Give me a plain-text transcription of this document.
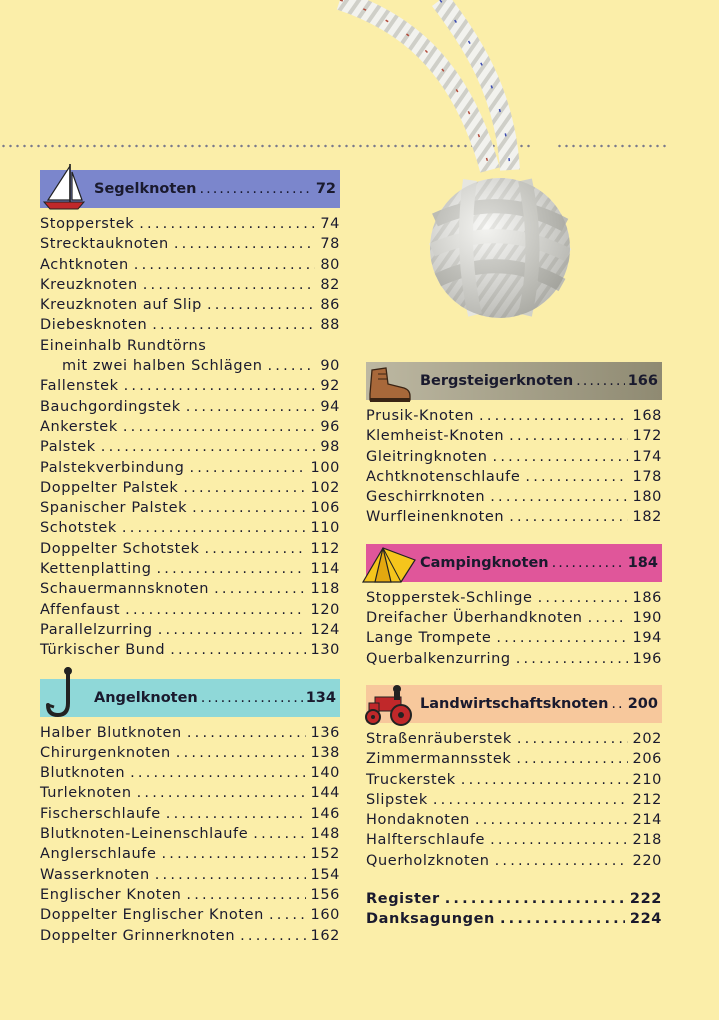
Segelknoten .....	72
Stopperstek .....	74
Strecktauknoten .....	78
Achtknoten .....	80
Kreuzknoten .....	82
Kreuzknoten auf Slip .....	86
Diebesknoten .....	88
Eineinhalb Rundtörns
mit zwei halben Schlägen .....	90
Fallenstek .....	92
Bauchgordingstek .....	94
Ankerstek .....	96
Palstek .....	98
Palstekverbindung .....	100
Doppelter Palstek .....	102
Spanischer Palstek .....	106
Schotstek .....	110
Doppelter Schotstek .....	112
Kettenplatting .....	114
Schauermannsknoten .....	118
Affenfaust .....	120
Parallelzurring .....	124
Türkischer Bund .....	130
Angelknoten .....	134
Halber Blutknoten .....	136
Chirurgenknoten .....	138
Blutknoten .....	140
Turleknoten .....	144
Fischerschlaufe .....	146
Blutknoten-Leinenschlaufe .....	148
Anglerschlaufe .....	152
Wasserknoten .....	154
Englischer Knoten .....	156
Doppelter Englischer Knoten .....	160
Doppelter Grinnerknoten .....	162
Bergsteigerknoten .....	166
Prusik-Knoten .....	168
Klemheist-Knoten .....	172
Gleitringknoten .....	174
Achtknotenschlaufe .....	178
Geschirrknoten .....	180
Wurfleinenknoten .....	182
Campingknoten .....	184
Stopperstek-Schlinge .....	186
Dreifacher Überhandknoten .....	190
Lange Trompete .....	194
Querbalkenzurring .....	196
Landwirtschaftsknoten ..... 200
Straßenräuberstek .....	202
Zimmermannsstek .....	206
Truckerstek .....	210
Slipstek .....	212
Hondaknoten .....	214
Halfterschlaufe .....	218
Querholzknoten .....	220
Register .....	222
Danksagungen .....	224
